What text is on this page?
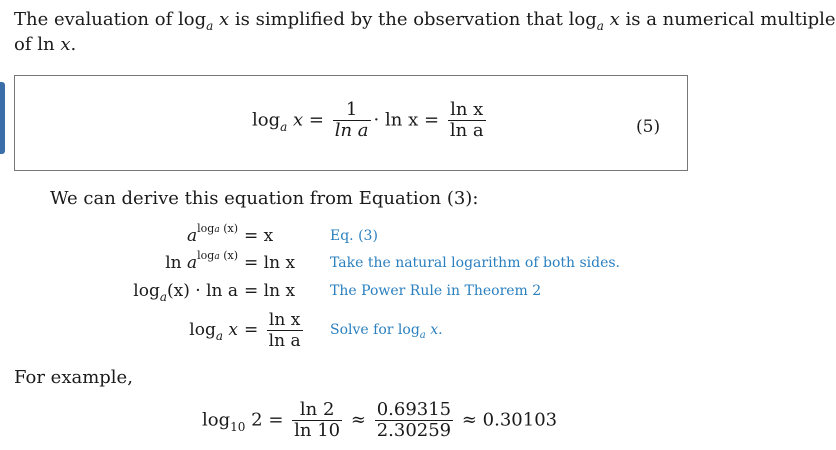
The evaluation of $\log_a x$ is simplified by the observation that $\log_a x$ is a numerical multiple
of ln x.
$\log_a x = \frac{1}{\text{ln a}} \cdot \ln x = \frac{\text{ln x}}{\text{ln a}}$	(5)
We can derive this equation from Equation (3):
$a^{loga (x)} = x$	Eq. (3)
$\ln a^{loga (x)} = \ln x$ Take the natural logarithm of both sides.
$\log_a(x) \cdot \ln a = \ln x$ The Power Rule in Theorem 2
$\log_a x = \frac{\text{ln x}}{\text{ln a}}$ Solve for $\log_a x$.
For example,
$\log_{10} 2 = \frac{\ln 2}{\ln 10} \approx \frac{0.69315}{2.30259} \approx 0.30103$
